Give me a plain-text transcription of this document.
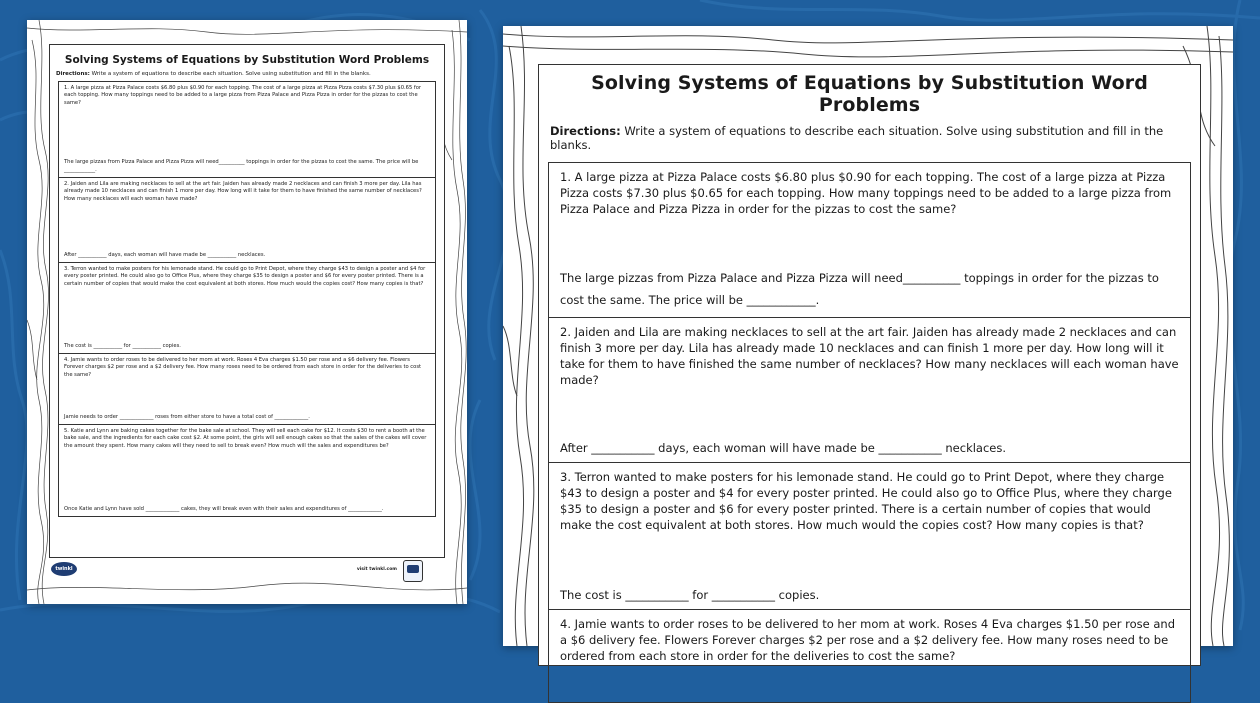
Solving Systems of Equations by Substitution Word Problems
Directions: Write a system of equations to describe each situation. Solve using substitution and fill in the blanks.

1. A large pizza at Pizza Palace costs $6.80 plus $0.90 for each topping. The cost of a large pizza at Pizza Pizza costs $7.30 plus $0.65 for each topping. How many toppings need to be added to a large pizza from Pizza Palace and Pizza Pizza in order for the pizzas to cost the same?

The large pizzas from Pizza Palace and Pizza Pizza will need__________ toppings in order for the pizzas to cost the same. The price will be ____________.

2. Jaiden and Lila are making necklaces to sell at the art fair. Jaiden has already made 2 necklaces and can finish 3 more per day. Lila has already made 10 necklaces and can finish 1 more per day. How long will it take for them to have finished the same number of necklaces? How many necklaces will each woman have made?

After ___________ days, each woman will have made be ___________ necklaces.

3. Terron wanted to make posters for his lemonade stand. He could go to Print Depot, where they charge $43 to design a poster and $4 for every poster printed. He could also go to Office Plus, where they charge $35 to design a poster and $6 for every poster printed. There is a certain number of copies that would make the cost equivalent at both stores. How much would the copies cost? How many copies is that?

The cost is ___________ for ___________ copies.

4. Jamie wants to order roses to be delivered to her mom at work. Roses 4 Eva charges $1.50 per rose and a $6 delivery fee. Flowers Forever charges $2 per rose and a $2 delivery fee. How many roses need to be ordered from each store in order for the deliveries to cost the same?

Jamie needs to order _____________ roses from either store to have a total cost of _____________.

5. Katie and Lynn are baking cakes together for the bake sale at school. They will sell each cake for $12. It costs $30 to rent a booth at the bake sale, and the ingredients for each cake cost $2. At some point, the girls will sell enough cakes so that the sales of the cakes will cover the amount they spent. How many cakes will they need to sell to break even? How much will the sales and expenditures be?

Once Katie and Lynn have sold _____________ cakes, they will break even with their sales and expenditures of _____________.

twinkl	visit twinkl.com
Solving Systems of Equations by Substitution Word Problems
Directions: Write a system of equations to describe each situation. Solve using substitution and fill in the blanks.

1. A large pizza at Pizza Palace costs $6.80 plus $0.90 for each topping. The cost of a large pizza at Pizza Pizza costs $7.30 plus $0.65 for each topping. How many toppings need to be added to a large pizza from Pizza Palace and Pizza Pizza in order for the pizzas to cost the same?

The large pizzas from Pizza Palace and Pizza Pizza will need__________ toppings in order for the pizzas to cost the same. The price will be ____________.

2. Jaiden and Lila are making necklaces to sell at the art fair. Jaiden has already made 2 necklaces and can finish 3 more per day. Lila has already made 10 necklaces and can finish 1 more per day. How long will it take for them to have finished the same number of necklaces? How many necklaces will each woman have made?

After ___________ days, each woman will have made be ___________ necklaces.

3. Terron wanted to make posters for his lemonade stand. He could go to Print Depot, where they charge $43 to design a poster and $4 for every poster printed. He could also go to Office Plus, where they charge $35 to design a poster and $6 for every poster printed. There is a certain number of copies that would make the cost equivalent at both stores. How much would the copies cost? How many copies is that?

The cost is ___________ for ___________ copies.

4. Jamie wants to order roses to be delivered to her mom at work. Roses 4 Eva charges $1.50 per rose and a $6 delivery fee. Flowers Forever charges $2 per rose and a $2 delivery fee. How many roses need to be ordered from each store in order for the deliveries to cost the same?
